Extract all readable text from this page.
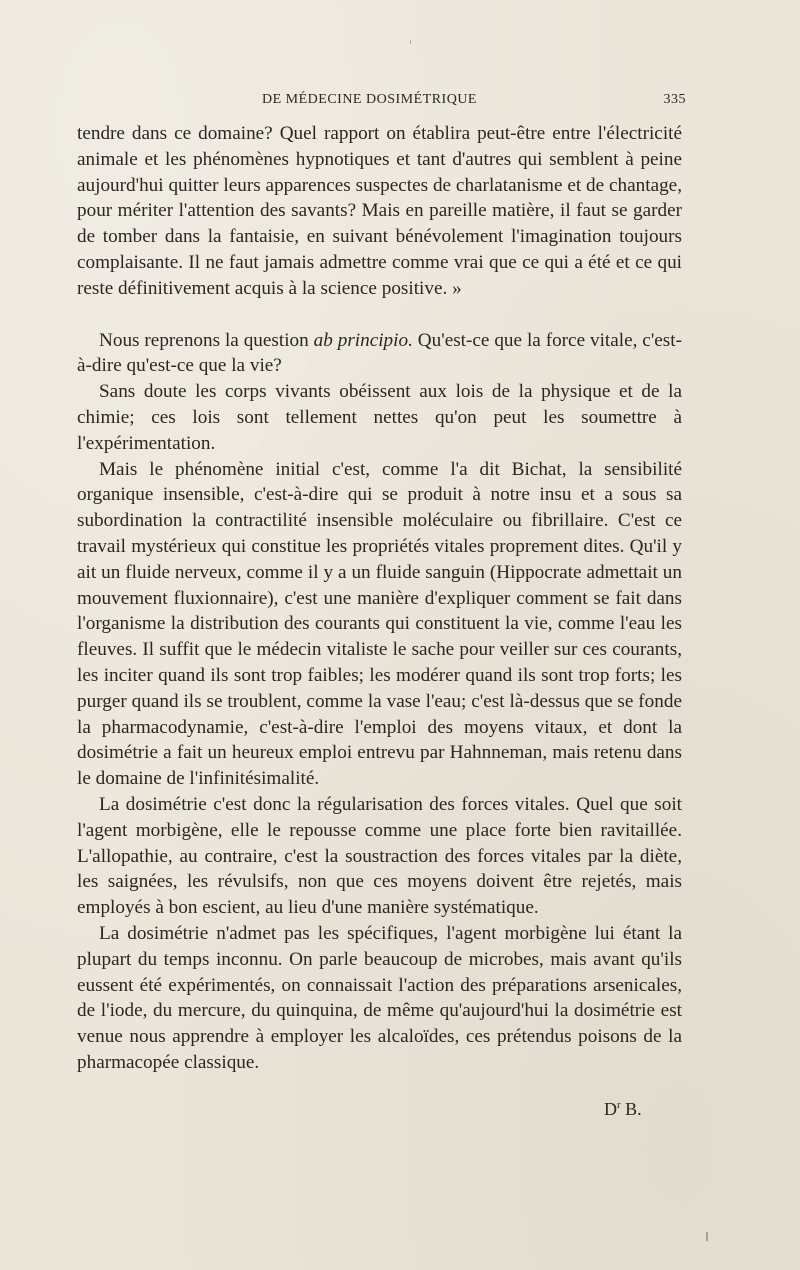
DE MÉDECINE DOSIMÉTRIQUE	335

tendre dans ce domaine? Quel rapport on établira peut-être entre l'électricité animale et les phénomènes hypnotiques et tant d'autres qui semblent à peine aujourd'hui quitter leurs apparences suspectes de charlatanisme et de chantage, pour mériter l'attention des savants? Mais en pareille matière, il faut se garder de tomber dans la fantaisie, en suivant bénévolement l'imagination toujours complaisante. Il ne faut jamais admettre comme vrai que ce qui a été et ce qui reste définitivement acquis à la science positive. »

Nous reprenons la question ab principio. Qu'est-ce que la force vitale, c'est-à-dire qu'est-ce que la vie?

Sans doute les corps vivants obéissent aux lois de la physique et de la chimie; ces lois sont tellement nettes qu'on peut les soumettre à l'expérimentation.

Mais le phénomène initial c'est, comme l'a dit Bichat, la sensibilité organique insensible, c'est-à-dire qui se produit à notre insu et a sous sa subordination la contractilité insensible moléculaire ou fibrillaire. C'est ce travail mystérieux qui constitue les propriétés vitales proprement dites. Qu'il y ait un fluide nerveux, comme il y a un fluide sanguin (Hippocrate admettait un mouvement fluxionnaire), c'est une manière d'expliquer comment se fait dans l'organisme la distribution des courants qui constituent la vie, comme l'eau les fleuves. Il suffit que le médecin vitaliste le sache pour veiller sur ces courants, les inciter quand ils sont trop faibles; les modérer quand ils sont trop forts; les purger quand ils se troublent, comme la vase l'eau; c'est là-dessus que se fonde la pharmacodynamie, c'est-à-dire l'emploi des moyens vitaux, et dont la dosimétrie a fait un heureux emploi entrevu par Hahnneman, mais retenu dans le domaine de l'infinitésimalité.

La dosimétrie c'est donc la régularisation des forces vitales. Quel que soit l'agent morbigène, elle le repousse comme une place forte bien ravitaillée. L'allopathie, au contraire, c'est la soustraction des forces vitales par la diète, les saignées, les révulsifs, non que ces moyens doivent être rejetés, mais employés à bon escient, au lieu d'une manière systématique.

La dosimétrie n'admet pas les spécifiques, l'agent morbigène lui étant la plupart du temps inconnu. On parle beaucoup de microbes, mais avant qu'ils eussent été expérimentés, on connaissait l'action des préparations arsenicales, de l'iode, du mercure, du quinquina, de même qu'aujourd'hui la dosimétrie est venue nous apprendre à employer les alcaloïdes, ces prétendus poisons de la pharmacopée classique.

$D^r$ B.
